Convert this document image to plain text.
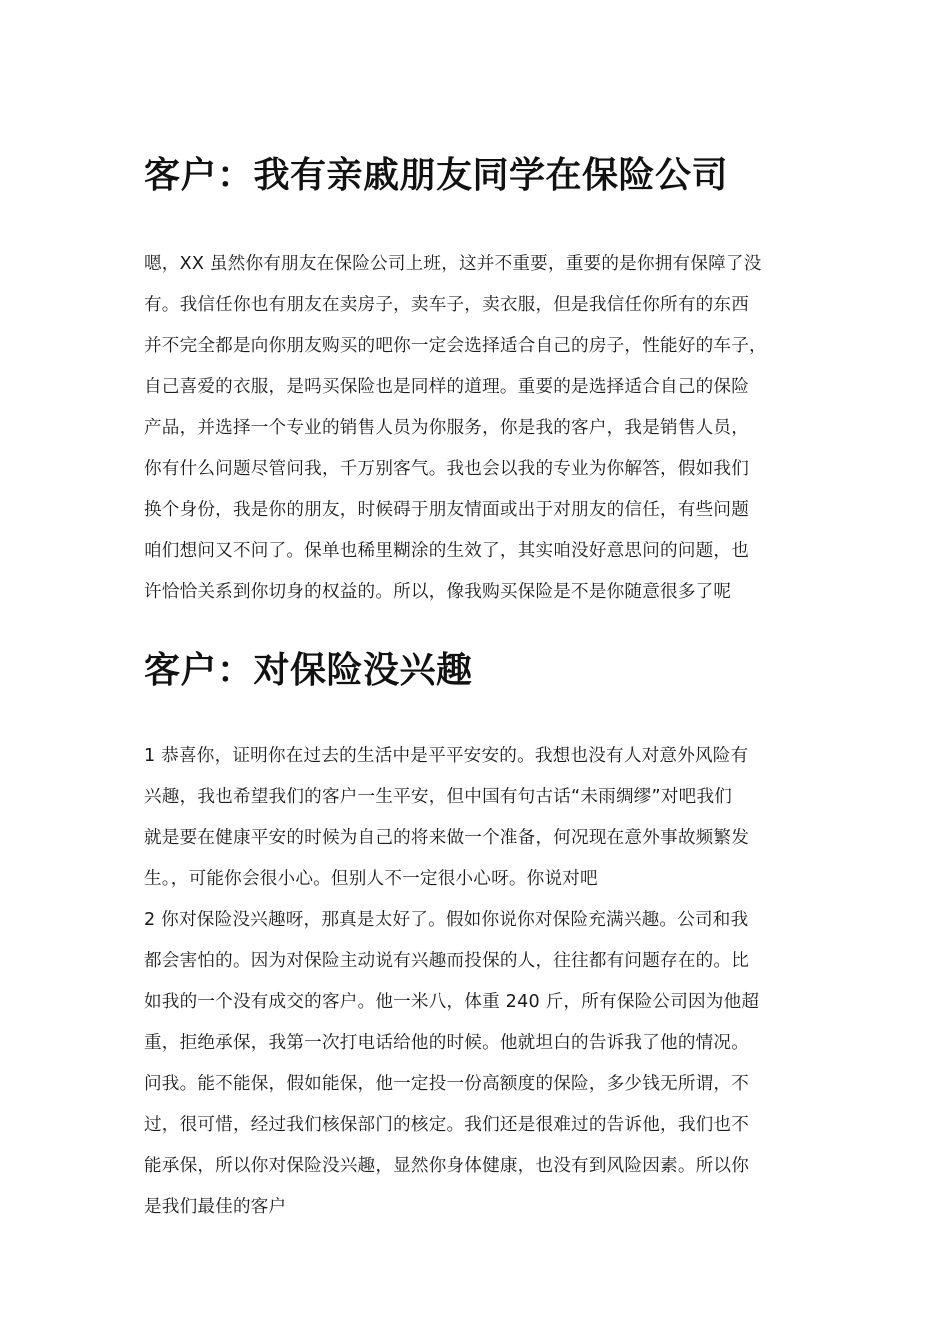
客户：我有亲戚朋友同学在保险公司
嗯，XX 虽然你有朋友在保险公司上班，这并不重要，重要的是你拥有保障了没
有。我信任你也有朋友在卖房子，卖车子，卖衣服，但是我信任你所有的东西
并不完全都是向你朋友购买的吧你一定会选择适合自己的房子，性能好的车子，
自己喜爱的衣服，是吗买保险也是同样的道理。重要的是选择适合自己的保险
产品，并选择一个专业的销售人员为你服务，你是我的客户，我是销售人员，
你有什么问题尽管问我，千万别客气。我也会以我的专业为你解答，假如我们
换个身份，我是你的朋友，时候碍于朋友情面或出于对朋友的信任，有些问题
咱们想问又不问了。保单也稀里糊涂的生效了，其实咱没好意思问的问题，也
许恰恰关系到你切身的权益的。所以，像我购买保险是不是你随意很多了呢
客户：对保险没兴趣
1 恭喜你，证明你在过去的生活中是平平安安的。我想也没有人对意外风险有
兴趣，我也希望我们的客户一生平安，但中国有句古话“未雨绸缪”对吧我们
就是要在健康平安的时候为自己的将来做一个准备，何况现在意外事故频繁发
生。，可能你会很小心。但别人不一定很小心呀。你说对吧
2 你对保险没兴趣呀，那真是太好了。假如你说你对保险充满兴趣。公司和我
都会害怕的。因为对保险主动说有兴趣而投保的人，往往都有问题存在的。比
如我的一个没有成交的客户。他一米八，体重 240 斤，所有保险公司因为他超
重，拒绝承保，我第一次打电话给他的时候。他就坦白的告诉我了他的情况。
问我。能不能保，假如能保，他一定投一份高额度的保险，多少钱无所谓，不
过，很可惜，经过我们核保部门的核定。我们还是很难过的告诉他，我们也不
能承保，所以你对保险没兴趣，显然你身体健康，也没有到风险因素。所以你
是我们最佳的客户
